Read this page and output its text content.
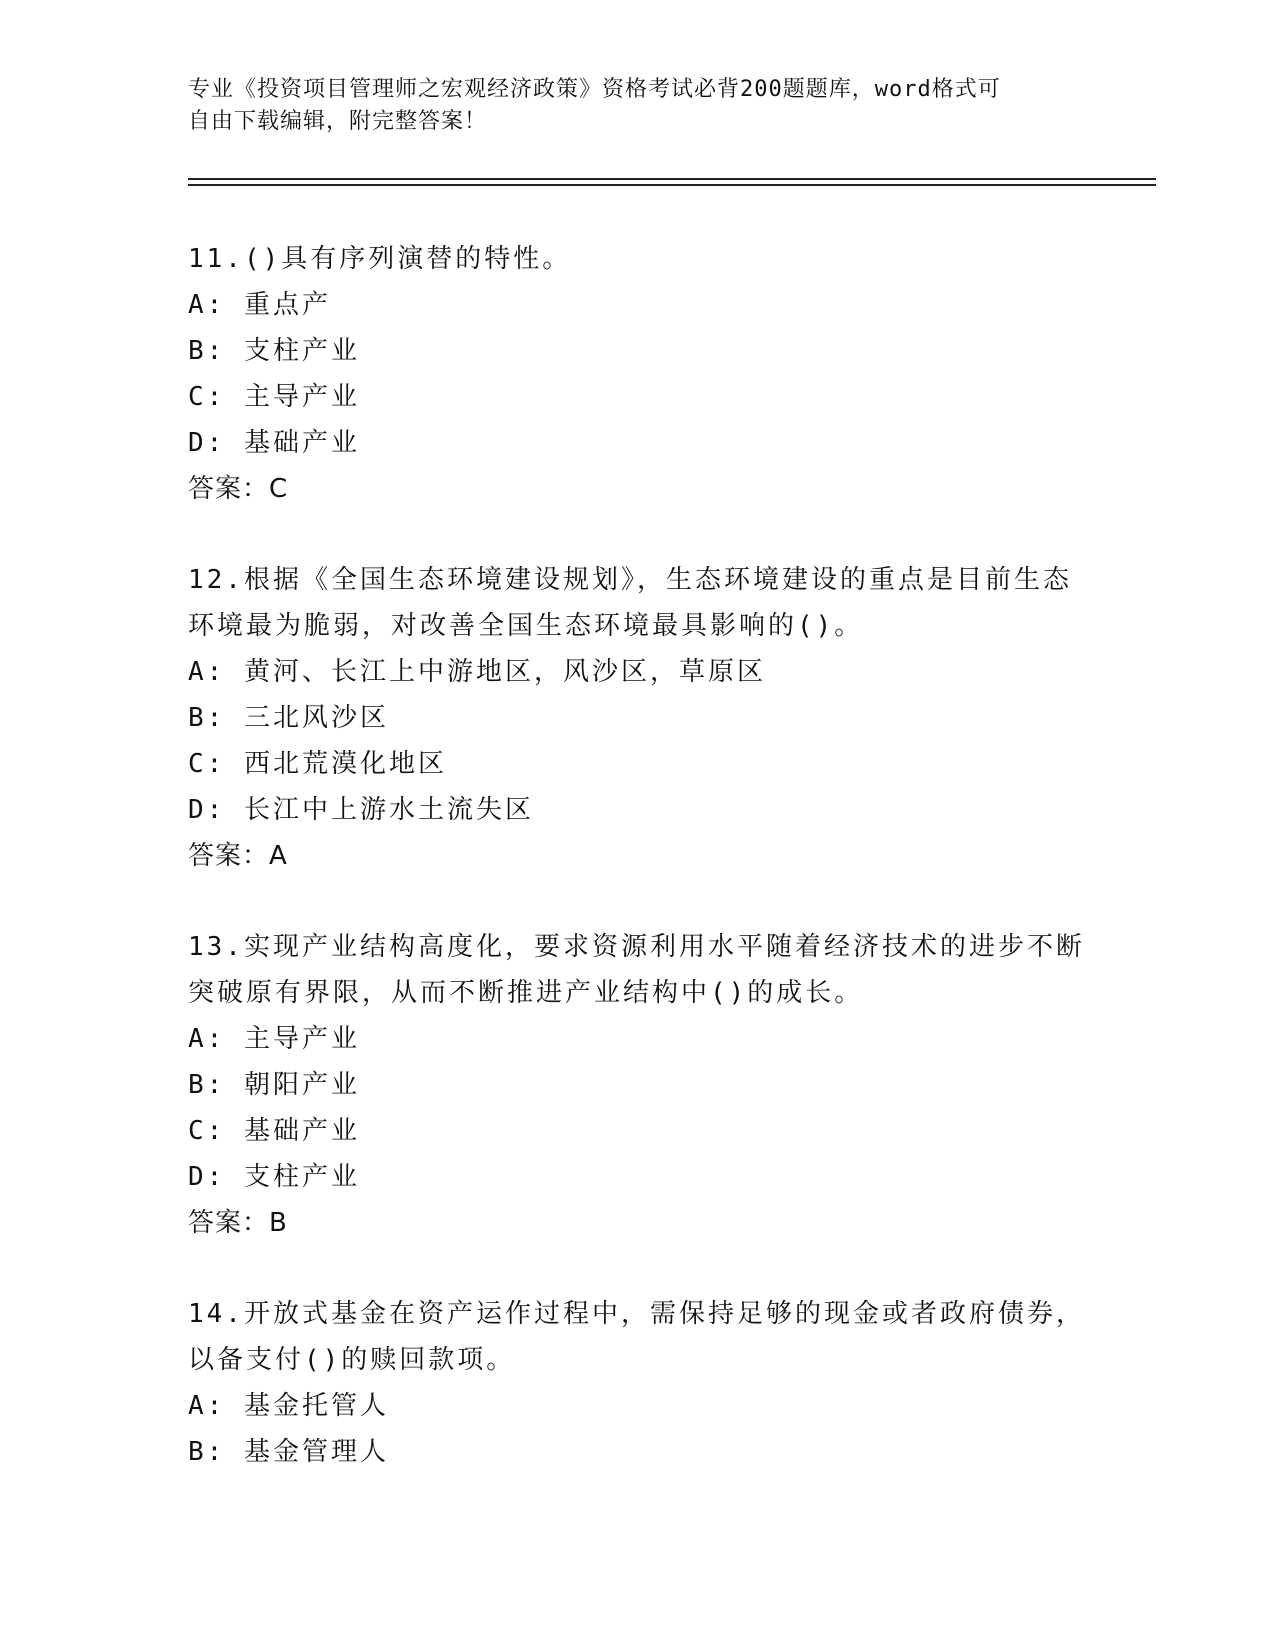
专业《投资项目管理师之宏观经济政策》资格考试必背200题题库，word格式可
自由下载编辑，附完整答案！
11.()具有序列演替的特性。
A: 重点产
B: 支柱产业
C: 主导产业
D: 基础产业
答案：C
12.根据《全国生态环境建设规划》，生态环境建设的重点是目前生态
环境最为脆弱，对改善全国生态环境最具影响的()。
A: 黄河、长江上中游地区，风沙区，草原区
B: 三北风沙区
C: 西北荒漠化地区
D: 长江中上游水土流失区
答案：A
13.实现产业结构高度化，要求资源利用水平随着经济技术的进步不断
突破原有界限，从而不断推进产业结构中()的成长。
A: 主导产业
B: 朝阳产业
C: 基础产业
D: 支柱产业
答案：B
14.开放式基金在资产运作过程中，需保持足够的现金或者政府债券，
以备支付()的赎回款项。
A: 基金托管人
B: 基金管理人
